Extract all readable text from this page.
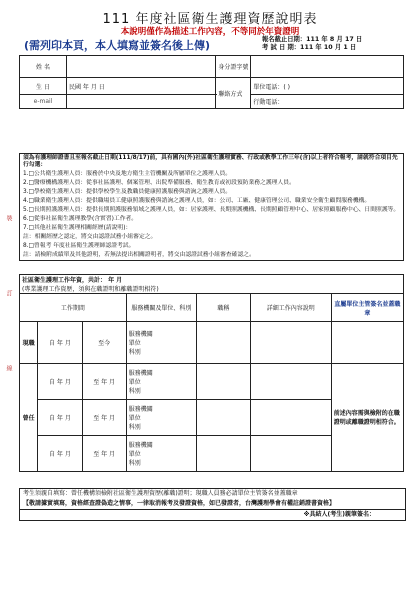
111 年度社區衛生護理資歷說明表
本說明僅作為描述工作內容，不等同於年資證明
(需列印本頁，本人填寫並簽名後上傳)	報名截止日期：111 年 8 月 17 日
考 試 日 期：111 年 10 月 1 日
裝
訂
線
姓 名		身分證字號	
生 日	民國 年 月 日	聯絡方式	單位電話：( )
e-mail			行動電話：
須為有護理師證書且至報名截止日期(111/8/17)前，具有國內(外)社區衛生護理實務、行政或教學工作三年(含)以上者符合報考，請就符合項目先行勾選：
1.□公共衛生護理人員：服務於中央及地方衛生主管機關及所屬單位之護理人員。
2.□醫療機構護理人員：從事社區護理、個案管理、出院準備服務、衛生教育或初段預防業務之護理人員。
3.□學校衛生護理人員：提供學校學生及教職員健康照護服務與諮詢之護理人員。
4.□職業衛生護理人員：提供職場員工健康照護服務與諮詢之護理人員，如：公司、工廠、健康管理公司、職業安全衛生顧問服務機構。
5.□長期照護護理人員：提供長期照護服務領域之護理人員，如：居家護理、長期照護機構、長期照顧管理中心、居家照顧服務中心、日間照護等。
6.□從事社區衛生護理教學(含實習)工作者。
7.□其他社區衛生護理相關經歷(請說明)：
註：相關經歷之認定，將交由認證試務小組審定之。
8.□曾報考 年度社區衛生護理師認證考試。
註：請檢附成績單及其他證明，若無法提出相關證明者，將交由認證試務小組審查確認之。
社區衛生護理工作年資，共計： 年 月
(專業護理工作資歷，須與在職證明和離職證明相符)						

工作期間			服務機關及單位、科別	職稱	詳細工作內容說明	直屬單位主管簽名並蓋職章
現職	自 年 月	至今	服務機關
單位
科別			

曾任	自 年 月	至 年 月	服務機關
單位
科別			前述內容需與檢附的在職證明或離職證明相符合。
	自 年 月	至 年 月	服務機關
單位
科別			

	自 年 月	至 年 月	服務機關
單位
科別			

考生須親自填寫：曾任機構須檢附社區衛生護理資歷(離職)證明；現職人員務必請單位主管簽名並蓋職章
【敬請據實填寫，資格經查證偽造之情事，一律取消報考及發證資格，如已發證者，台灣護理學會有權註銷證書資格】
※具結人(考生)親筆簽名：
